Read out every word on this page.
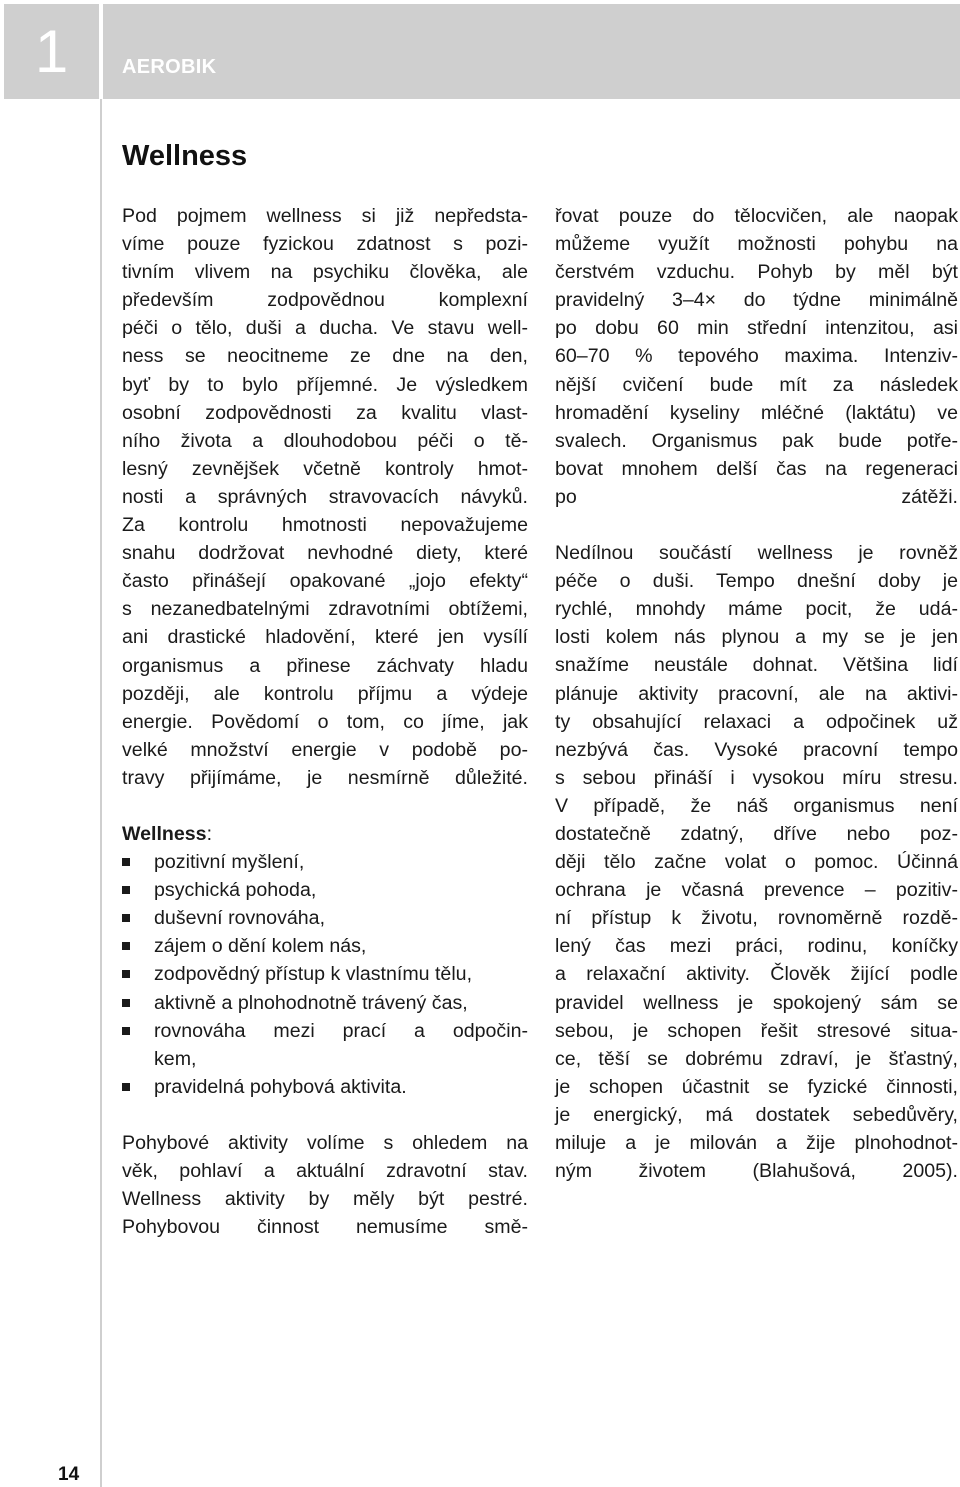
1	AEROBIK
Wellness

Pod pojmem wellness si již nepředsta-
víme pouze fyzickou zdatnost s pozi-
tivním vlivem na psychiku člověka, ale
především zodpovědnou komplexní
péči o tělo, duši a ducha. Ve stavu well-
ness se neocitneme ze dne na den,
byť by to bylo příjemné. Je výsledkem
osobní zodpovědnosti za kvalitu vlast-
ního života a dlouhodobou péči o tě-
lesný zevnějšek včetně kontroly hmot-
nosti a správných stravovacích návyků.
Za kontrolu hmotnosti nepovažujeme
snahu dodržovat nevhodné diety, které
často přinášejí opakované „jojo efekty“
s nezanedbatelnými zdravotními obtížemi,
ani drastické hladovění, které jen vysílí
organismus a přinese záchvaty hladu
později, ale kontrolu příjmu a výdeje
energie. Povědomí o tom, co jíme, jak
velké množství energie v podobě po-
travy přijímáme, je nesmírně důležité.

Wellness:
pozitivní myšlení,
psychická pohoda,
duševní rovnováha,
zájem o dění kolem nás,
zodpovědný přístup k vlastnímu tělu,
aktivně a plnohodnotně trávený čas,
rovnováha mezi prací a odpočin-
kem,
pravidelná pohybová aktivita.

Pohybové aktivity volíme s ohledem na
věk, pohlaví a aktuální zdravotní stav.
Wellness aktivity by měly být pestré.
Pohybovou činnost nemusíme smě-

řovat pouze do tělocvičen, ale naopak
můžeme využít možnosti pohybu na
čerstvém vzduchu. Pohyb by měl být
pravidelný 3–4× do týdne minimálně
po dobu 60 min střední intenzitou, asi
60–70 % tepového maxima. Intenziv-
nější cvičení bude mít za následek
hromadění kyseliny mléčné (laktátu) ve
svalech. Organismus pak bude potře-
bovat mnohem delší čas na regeneraci
po zátěži.

Nedílnou součástí wellness je rovněž
péče o duši. Tempo dnešní doby je
rychlé, mnohdy máme pocit, že udá-
losti kolem nás plynou a my se je jen
snažíme neustále dohnat. Většina lidí
plánuje aktivity pracovní, ale na aktivi-
ty obsahující relaxaci a odpočinek už
nezbývá čas. Vysoké pracovní tempo
s sebou přináší i vysokou míru stresu.
V případě, že náš organismus není
dostatečně zdatný, dříve nebo poz-
ději tělo začne volat o pomoc. Účinná
ochrana je včasná prevence – pozitiv-
ní přístup k životu, rovnoměrně rozdě-
lený čas mezi práci, rodinu, koníčky
a relaxační aktivity. Člověk žijící podle
pravidel wellness je spokojený sám se
sebou, je schopen řešit stresové situa-
ce, těší se dobrému zdraví, je šťastný,
je schopen účastnit se fyzické činnosti,
je energický, má dostatek sebedůvěry,
miluje a je milován a žije plnohodnot-
ným životem (Blahušová, 2005).

14
